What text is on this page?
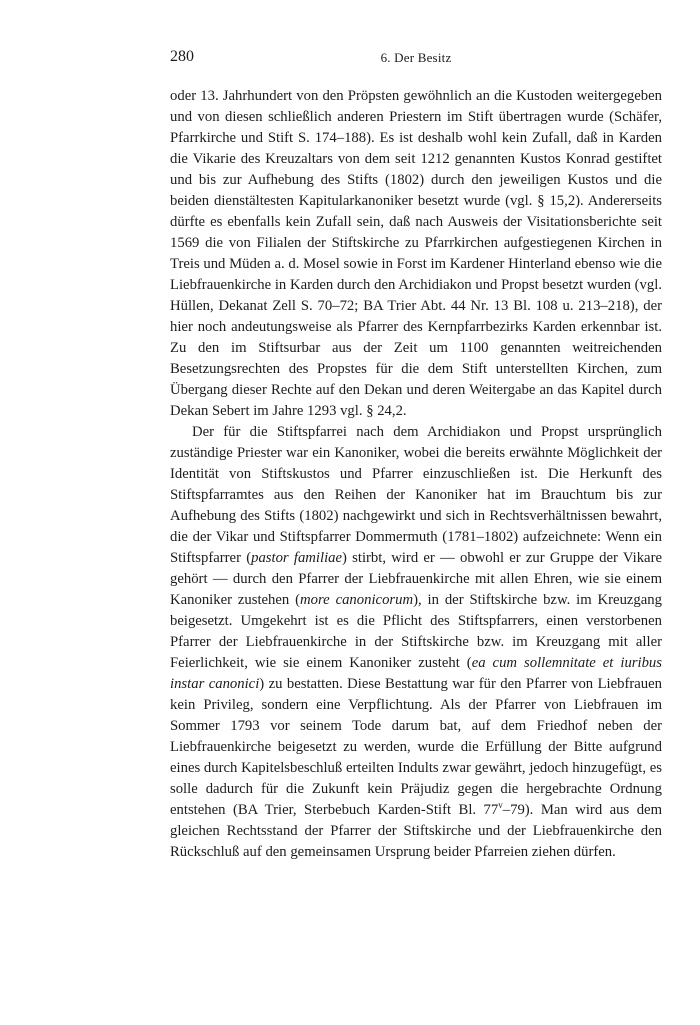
280	6. Der Besitz

oder 13. Jahrhundert von den Pröpsten gewöhnlich an die Kustoden weitergegeben und von diesen schließlich anderen Priestern im Stift übertragen wurde (Schäfer, Pfarrkirche und Stift S. 174–188). Es ist deshalb wohl kein Zufall, daß in Karden die Vikarie des Kreuzaltars von dem seit 1212 genannten Kustos Konrad gestiftet und bis zur Aufhebung des Stifts (1802) durch den jeweiligen Kustos und die beiden dienstältesten Kapitularkanoniker besetzt wurde (vgl. § 15,2). Andererseits dürfte es ebenfalls kein Zufall sein, daß nach Ausweis der Visitationsberichte seit 1569 die von Filialen der Stiftskirche zu Pfarrkirchen aufgestiegenen Kirchen in Treis und Müden a. d. Mosel sowie in Forst im Kardener Hinterland ebenso wie die Liebfrauenkirche in Karden durch den Archidiakon und Propst besetzt wurden (vgl. Hüllen, Dekanat Zell S. 70–72; BA Trier Abt. 44 Nr. 13 Bl. 108 u. 213–218), der hier noch andeutungsweise als Pfarrer des Kernpfarrbezirks Karden erkennbar ist. Zu den im Stiftsurbar aus der Zeit um 1100 genannten weitreichenden Besetzungsrechten des Propstes für die dem Stift unterstellten Kirchen, zum Übergang dieser Rechte auf den Dekan und deren Weitergabe an das Kapitel durch Dekan Sebert im Jahre 1293 vgl. § 24,2.

Der für die Stiftspfarrei nach dem Archidiakon und Propst ursprünglich zuständige Priester war ein Kanoniker, wobei die bereits erwähnte Möglichkeit der Identität von Stiftskustos und Pfarrer einzuschließen ist. Die Herkunft des Stiftspfarramtes aus den Reihen der Kanoniker hat im Brauchtum bis zur Aufhebung des Stifts (1802) nachgewirkt und sich in Rechtsverhältnissen bewahrt, die der Vikar und Stiftspfarrer Dommermuth (1781–1802) aufzeichnete: Wenn ein Stiftspfarrer (pastor familiae) stirbt, wird er — obwohl er zur Gruppe der Vikare gehört — durch den Pfarrer der Liebfrauenkirche mit allen Ehren, wie sie einem Kanoniker zustehen (more canonicorum), in der Stiftskirche bzw. im Kreuzgang beigesetzt. Umgekehrt ist es die Pflicht des Stiftspfarrers, einen verstorbenen Pfarrer der Liebfrauenkirche in der Stiftskirche bzw. im Kreuzgang mit aller Feierlichkeit, wie sie einem Kanoniker zusteht (ea cum sollemnitate et iuribus instar canonici) zu bestatten. Diese Bestattung war für den Pfarrer von Liebfrauen kein Privileg, sondern eine Verpflichtung. Als der Pfarrer von Liebfrauen im Sommer 1793 vor seinem Tode darum bat, auf dem Friedhof neben der Liebfrauenkirche beigesetzt zu werden, wurde die Erfüllung der Bitte aufgrund eines durch Kapitelsbeschluß erteilten Indults zwar gewährt, jedoch hinzugefügt, es solle dadurch für die Zukunft kein Präjudiz gegen die hergebrachte Ordnung entstehen (BA Trier, Sterbebuch Karden-Stift Bl. 77$^v$–79). Man wird aus dem gleichen Rechtsstand der Pfarrer der Stiftskirche und der Liebfrauenkirche den Rückschluß auf den gemeinsamen Ursprung beider Pfarreien ziehen dürfen.
